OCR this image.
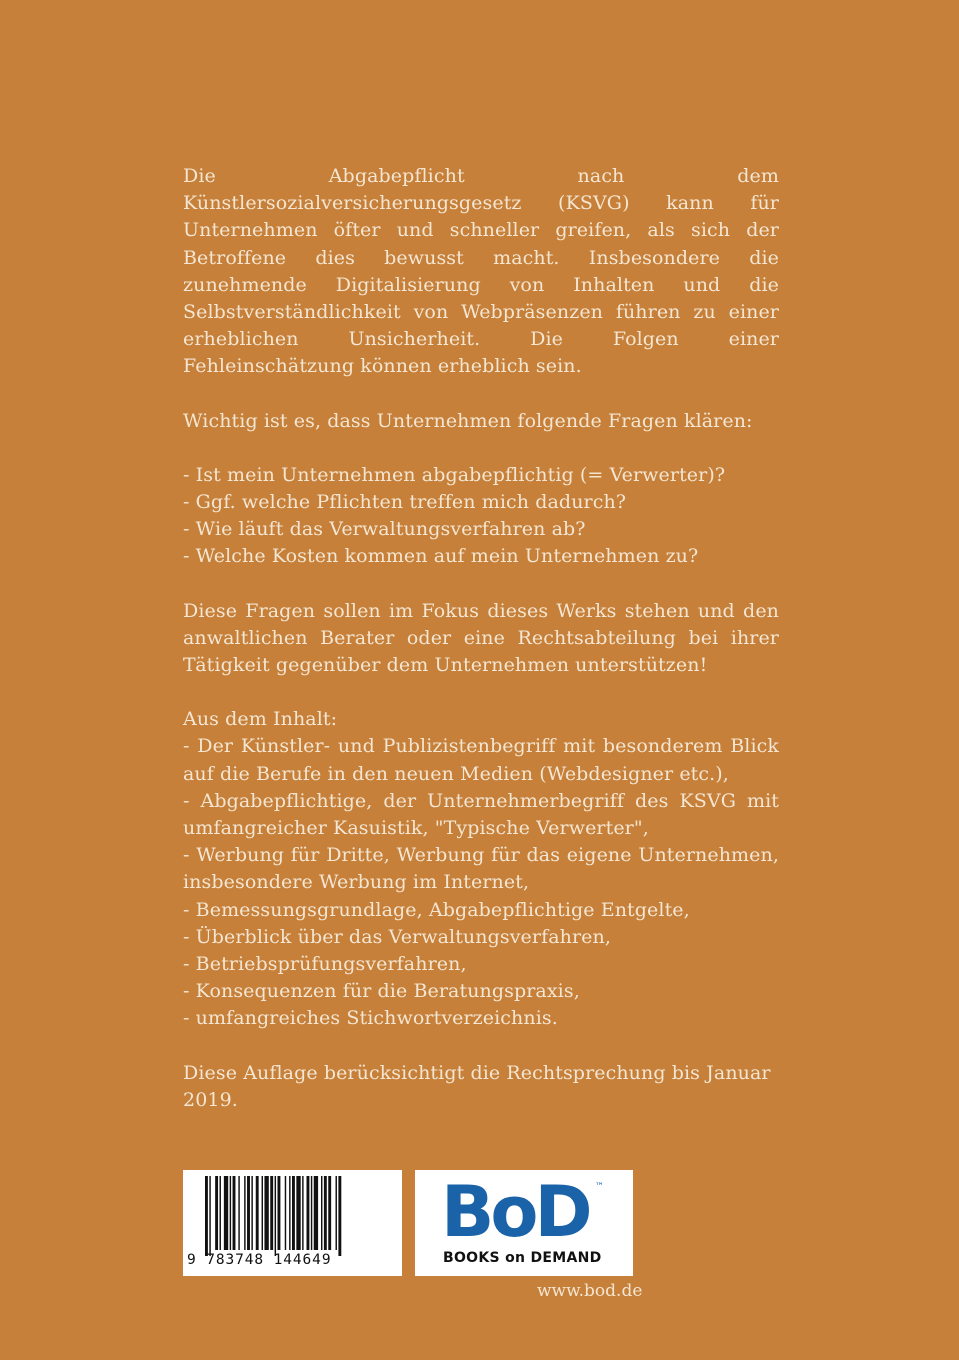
Die Abgabepflicht nach dem Künstlersozialversicherungsgesetz (KSVG) kann für Unternehmen öfter und schneller greifen, als sich der Betroffene dies bewusst macht. Insbesondere die zunehmende Digitalisierung von Inhalten und die Selbstverständlichkeit von Webpräsenzen führen zu einer erheblichen Unsicherheit. Die Folgen einer Fehleinschätzung können erheblich sein.

Wichtig ist es, dass Unternehmen folgende Fragen klären:

- Ist mein Unternehmen abgabepflichtig (= Verwerter)?

- Ggf. welche Pflichten treffen mich dadurch?

- Wie läuft das Verwaltungsverfahren ab?

- Welche Kosten kommen auf mein Unternehmen zu?

Diese Fragen sollen im Fokus dieses Werks stehen und den anwaltlichen Berater oder eine Rechtsabteilung bei ihrer Tätigkeit gegenüber dem Unternehmen unterstützen!

Aus dem Inhalt:

- Der Künstler- und Publizistenbegriff mit besonderem Blick auf die Berufe in den neuen Medien (Webdesigner etc.),

- Abgabepflichtige, der Unternehmerbegriff des KSVG mit umfangreicher Kasuistik, "Typische Verwerter",

- Werbung für Dritte, Werbung für das eigene Unternehmen, insbesondere Werbung im Internet,

- Bemessungsgrundlage, Abgabepflichtige Entgelte,

- Überblick über das Verwaltungsverfahren,

- Betriebsprüfungsverfahren,

- Konsequenzen für die Beratungspraxis,

- umfangreiches Stichwortverzeichnis.

Diese Auflage berücksichtigt die Rechtsprechung bis Januar 2019.

9 783748 144649
BoD ™
BOOKS on DEMAND
www.bod.de
